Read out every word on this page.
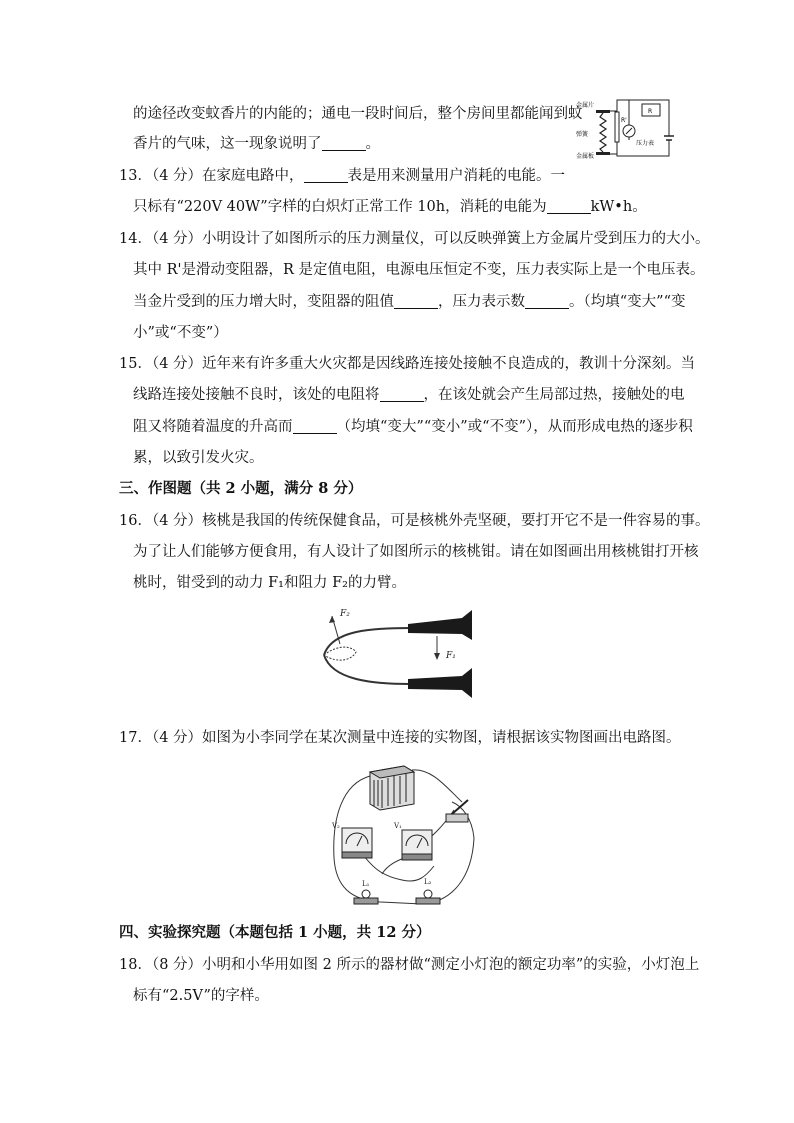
的途径改变蚊香片的内能的；通电一段时间后，整个房间里都能闻到蚊
香片的气味，这一现象说明了	。
金属片
弹簧
金属板
R'
R
压力表
13．（4 分）在家庭电路中，	表是用来测量用户消耗的电能。一
只标有“220V 40W”字样的白炽灯正常工作 10h，消耗的电能为	kW•h。
14．（4 分）小明设计了如图所示的压力测量仪，可以反映弹簧上方金属片受到压力的大小。
其中 R'是滑动变阻器，R 是定值电阻，电源电压恒定不变，压力表实际上是一个电压表。
当金片受到的压力增大时，变阻器的阻值	，压力表示数	。（均填“变大”“变
小”或“不变”）
15．（4 分）近年来有许多重大火灾都是因线路连接处接触不良造成的，教训十分深刻。当
线路连接处接触不良时，该处的电阻将	，在该处就会产生局部过热，接触处的电
阻又将随着温度的升高而	（均填“变大”“变小”或“不变”），从而形成电热的逐步积
累，以致引发火灾。
三、作图题（共 2 小题，满分 8 分）
16．（4 分）核桃是我国的传统保健食品，可是核桃外壳坚硬，要打开它不是一件容易的事。
为了让人们能够方便食用，有人设计了如图所示的核桃钳。请在如图画出用核桃钳打开核
桃时，钳受到的动力 F₁和阻力 F₂的力臂。
F₂
F₁
17．（4 分）如图为小李同学在某次测量中连接的实物图，请根据该实物图画出电路图。
V₂	V₁
L₁	L₂
四、实验探究题（本题包括 1 小题，共 12 分）
18．（8 分）小明和小华用如图 2 所示的器材做“测定小灯泡的额定功率”的实验，小灯泡上
标有“2.5V”的字样。
